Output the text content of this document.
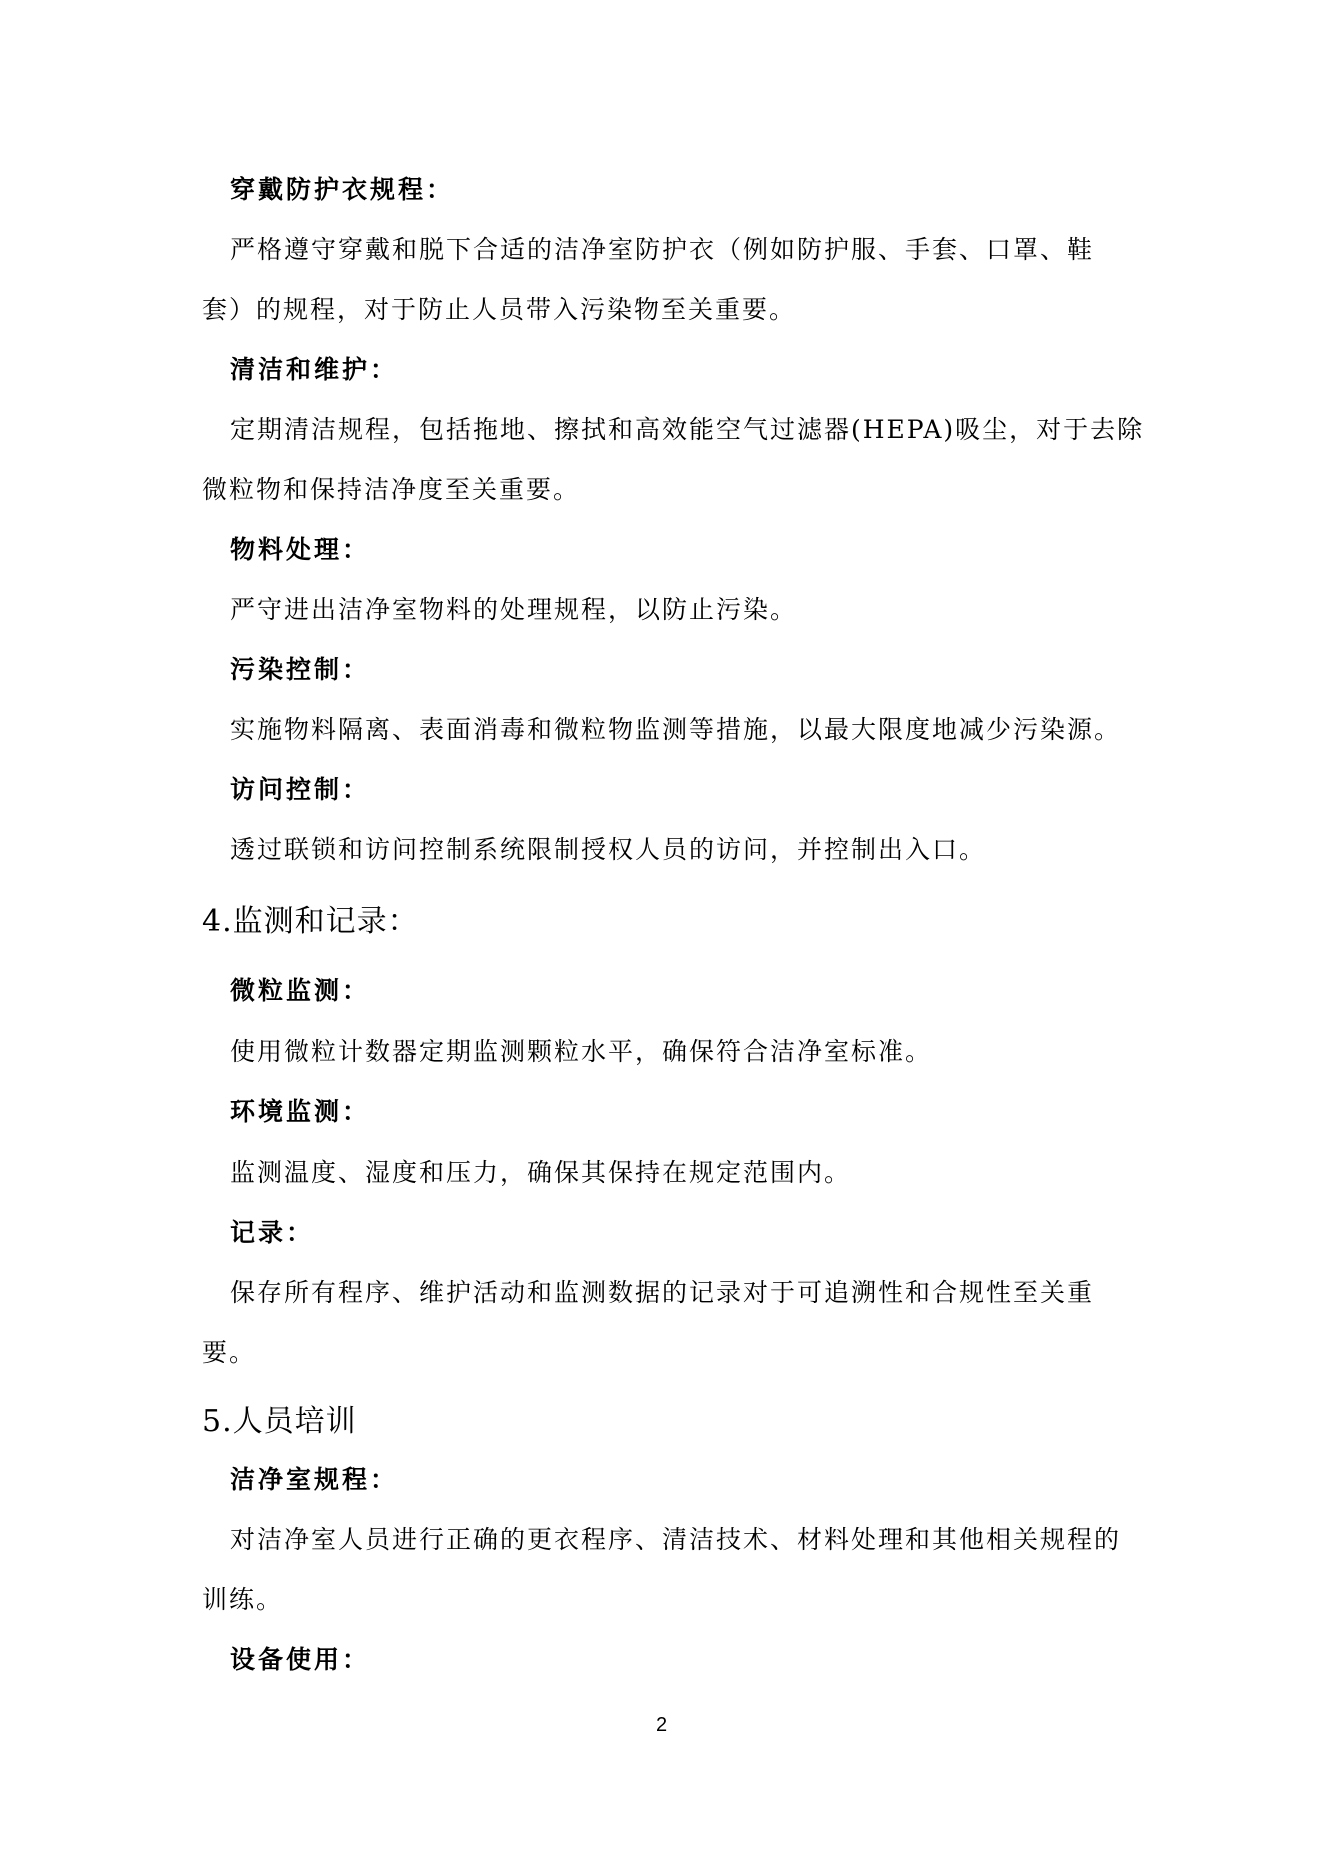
穿戴防护衣规程：
严格遵守穿戴和脱下合适的洁净室防护衣（例如防护服、手套、口罩、鞋
套）的规程，对于防止人员带入污染物至关重要。
清洁和维护：
定期清洁规程，包括拖地、擦拭和高效能空气过滤器(HEPA)吸尘，对于去除
微粒物和保持洁净度至关重要。
物料处理：
严守进出洁净室物料的处理规程，以防止污染。
污染控制：
实施物料隔离、表面消毒和微粒物监测等措施，以最大限度地减少污染源。
访问控制：
透过联锁和访问控制系统限制授权人员的访问，并控制出入口。
4.监测和记录：
微粒监测：
使用微粒计数器定期监测颗粒水平，确保符合洁净室标准。
环境监测：
监测温度、湿度和压力，确保其保持在规定范围内。
记录：
保存所有程序、维护活动和监测数据的记录对于可追溯性和合规性至关重
要。
5.人员培训
洁净室规程：
对洁净室人员进行正确的更衣程序、清洁技术、材料处理和其他相关规程的
训练。
设备使用：
2
